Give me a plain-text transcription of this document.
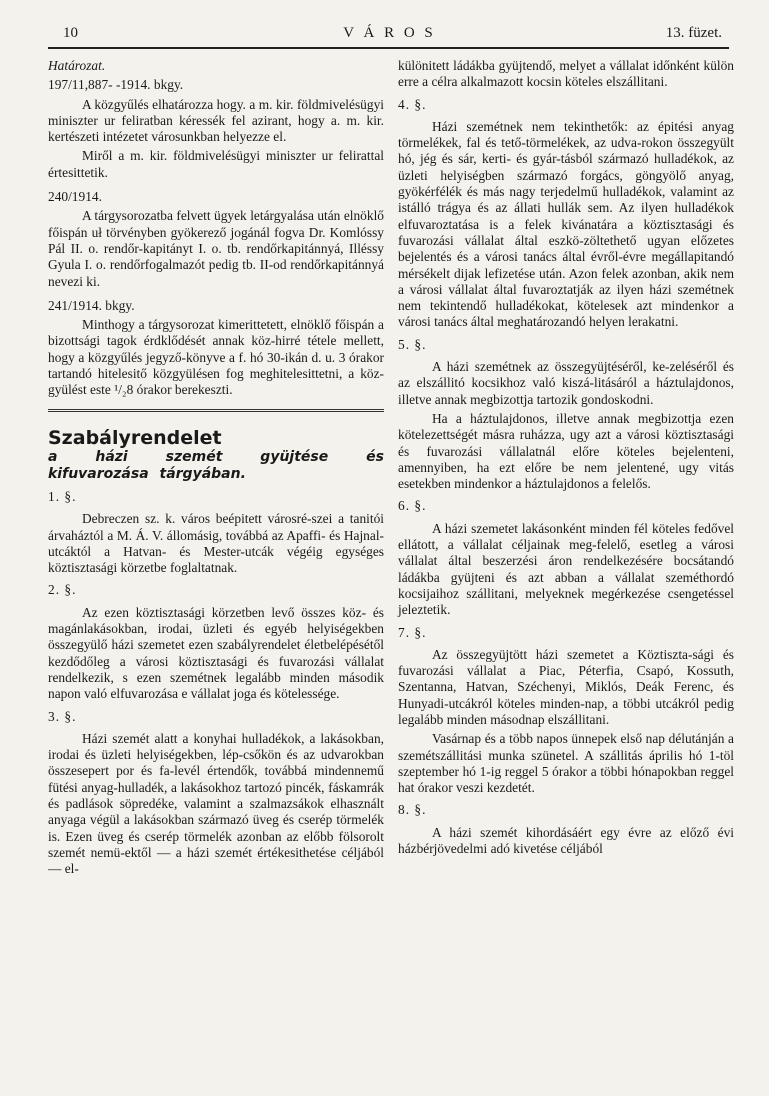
10	V Á R O S	13. füzet.

Határozat.

197/11,887- -1914. bkgy.

A közgyűlés elhatározza hogy. a m. kir. földmivelésügyi miniszter ur feliratban kéressék fel azirant, hogy a. m. kir. kertészeti intézetet városunkban helyezze el.

Miről a m. kir. földmivelésügyi miniszter ur felirattal értesittetik.

240/1914.

A tárgysorozatba felvett ügyek letárgyalása után elnöklő főispán uł törvényben gyökerező jogánál fogva Dr. Komlóssy Pál II. o. rendőr-kapitányt I. o. tb. rendőrkapitánnyá, Illéssy Gyula I. o. rendőrfogalmazót pedig tb. II-od rendőrkapitánnyá nevezi ki.

241/1914. bkgy.

Minthogy a tárgysorozat kimerittetett, elnöklő főispán a bizottsági tagok érdklődését annak köz-hirré tétele mellett, hogy a közgyűlés jegyző-könyve a f. hó 30-ikán d. u. 3 órakor tartandó hitelesitő közgyülésen fog meghitelesittetni, a köz-gyülést este ¹/₂8 órakor berekeszti.

Szabályrendelet

a házi szemét gyüjtése és kifuvarozása tárgyában.

1. §.

Debreczen sz. k. város beépitett városré-szei a tanitói árvaháztól a M. Á. V. állomásig, továbbá az Apaffi- és Hajnal-utcáktól a Hatvan- és Mester-utcák végéig egységes köztisztasági körzetbe foglaltatnak.

2. §.

Az ezen köztisztasági körzetben levő összes köz- és magánlakásokban, irodai, üzleti és egyéb helyiségekben összegyülő házi szemetet ezen szabályrendelet életbelépésétől kezdődőleg a városi köztisztasági és fuvarozási vállalat rendelkezik, s ezen szemétnek legalább minden második napon való elfuvarozása e vállalat joga és kötelessége.

3. §.

Házi szemét alatt a konyhai hulladékok, a lakásokban, irodai és üzleti helyiségekben, lép-csőkön és az udvarokban összesepert por és fa-levél értendők, továbbá mindennemű fütési anyag-hulladék, a lakásokhoz tartozó pincék, fáskamrák és padlások söpredéke, valamint a szalmazsákok elhasznált anyaga végül a lakásokban származó üveg és cserép törmelék is. Ezen üveg és cserép törmelék azonban az előbb fölsorolt szemét nemü-ektől — a házi szemét értékesithetése céljából — el-

különitett ládákba gyüjtendő, melyet a vállalat időnként külön erre a célra alkalmazott kocsin köteles elszállitani.

4. §.

Házi szemétnek nem tekinthetők: az épitési anyag törmelékek, fal és tető-törmelékek, az udva-rokon összegyült hó, jég és sár, kerti- és gyár-tásból származó hulladékok, az üzleti helyiségben származó forgács, göngyölő anyag, gyökérfélék és más nagy terjedelmű hulladékok, valamint az istálló trágya és az állati hullák sem. Az ilyen hulladékok elfuvaroztatása is a felek kivánatára a köztisztasági és fuvarozási vállalat által eszkö-zöltethető ugyan előzetes bejelentés és a városi tanács által évről-évre megállapitandó mérsékelt dijak lefizetése után. Azon felek azonban, akik nem a városi vállalat által fuvaroztatják az ilyen házi szemétnek nem tekintendő hulladékokat, kötelesek azt mindenkor a városi tanács által meghatározandó helyen lerakatni.

5. §.

A házi szemétnek az összegyüjtéséről, ke-zeléséről és az elszállitó kocsikhoz való kiszá-litásáról a háztulajdonos, illetve annak megbizottja tartozik gondoskodni.

Ha a háztulajdonos, illetve annak megbizottja ezen kötelezettségét másra ruházza, ugy azt a városi köztisztasági és fuvarozási vállalatnál előre köteles bejelenteni, amennyiben, ha ezt előre be nem jelentené, ugy vitás esetekben mindenkor a háztulajdonos a felelős.

6. §.

A házi szemetet lakásonként minden fél köteles fedővel ellátott, a vállalat céljainak meg-felelő, esetleg a városi vállalat által beszerzési áron rendelkezésére bocsátandó ládákba gyüjteni és azt abban a vállalat szeméthordó kocsijaihoz szállitani, melyeknek megérkezése csengetéssel jeleztetik.

7. §.

Az összegyüjtött házi szemetet a Köztiszta-sági és fuvarozási vállalat a Piac, Péterfia, Csapó, Kossuth, Szentanna, Hatvan, Széchenyi, Miklós, Deák Ferenc, és Hunyadi-utcákról köteles minden-nap, a többi utcákról pedig legalább minden másodnap elszállitani.

Vasárnap és a több napos ünnepek első nap délutánján a szemétszállitási munka szünetel. A szállitás április hó 1-töl szeptember hó 1-ig reggel 5 órakor a többi hónapokban reggel hat órakor veszi kezdetét.

8. §.

A házi szemét kihordásáért egy évre az előző évi házbérjövedelmi adó kivetése céljából
